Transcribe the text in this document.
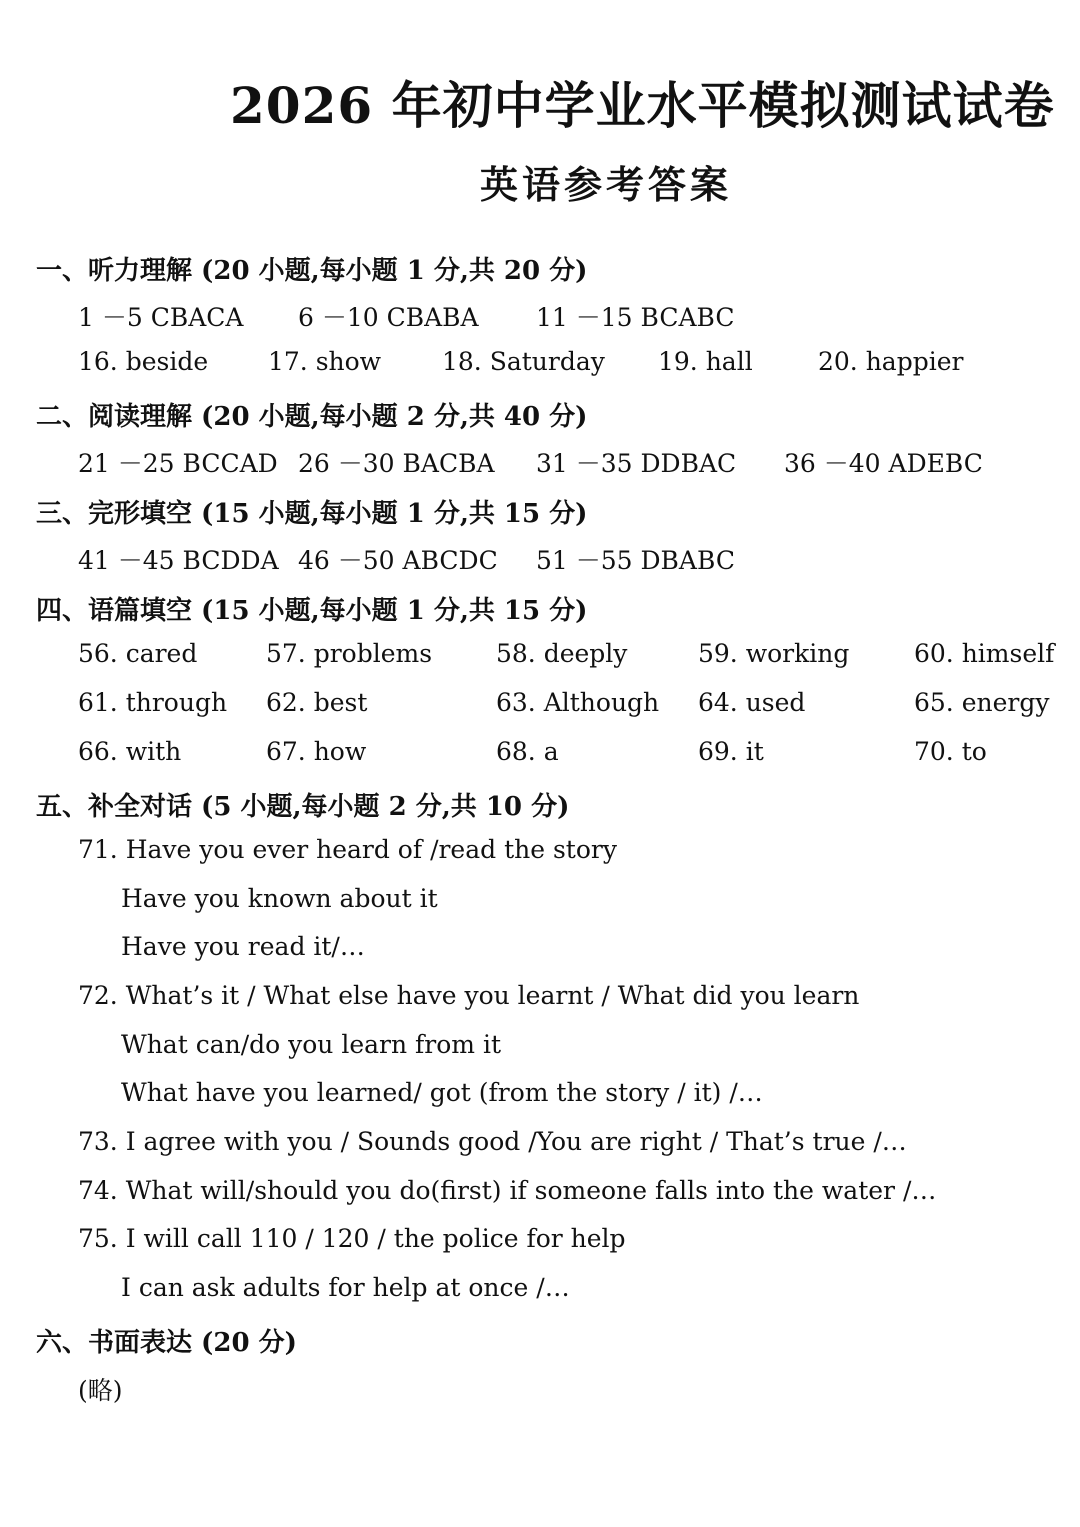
2026 年初中学业水平模拟测试试卷
英语参考答案
一、听力理解 (20 小题,每小题 1 分,共 20 分)
1 －5 CBACA 6 －10 CBABA 11 －15 BCABC
16. beside 17. show 18. Saturday 19. hall	20. happier
二、阅读理解 (20 小题,每小题 2 分,共 40 分)
21 －25 BCCAD 26 －30 BACBA 31 －35 DDBAC 36 －40 ADEBC
三、完形填空 (15 小题,每小题 1 分,共 15 分)
41 －45 BCDDA 46 －50 ABCDC 51 －55 DBABC
四、语篇填空 (15 小题,每小题 1 分,共 15 分)
56. cared	57. problems	58. deeply	59. working	60. himself
61. through 62. best	63. Although 64. used	65. energy
66. with	67. how	68. a	69. it	70. to
五、补全对话 (5 小题,每小题 2 分,共 10 分)
71. Have you ever heard of ∕read the story
Have you known about it
Have you read it∕…
72. What’s it ∕ What else have you learnt ∕ What did you learn
What can∕do you learn from it
What have you learned∕ got (from the story ∕ it) ∕…
73. I agree with you ∕ Sounds good ∕You are right ∕ That’s true ∕…
74. What will∕should you do(first) if someone falls into the water ∕…
75. I will call 110 ∕ 120 ∕ the police for help
I can ask adults for help at once ∕…
六、书面表达 (20 分)
(略)
